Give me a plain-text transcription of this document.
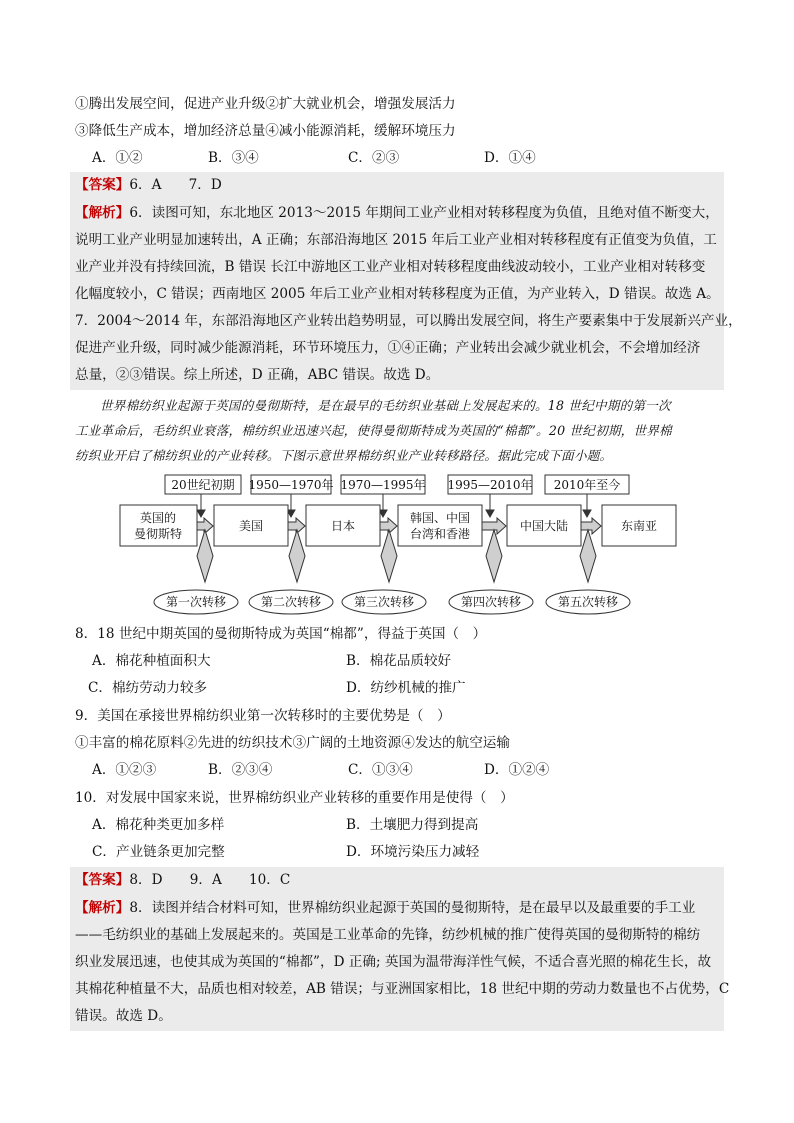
①腾出发展空间，促进产业升级②扩大就业机会，增强发展活力
③降低生产成本，增加经济总量④减小能源消耗，缓解环境压力
A．①②	B．③④	C．②③	D．①④
【答案】6．A　　7．D
【解析】6．读图可知，东北地区 2013～2015 年期间工业产业相对转移程度为负值，且绝对值不断变大，
说明工业产业明显加速转出，A 正确；东部沿海地区 2015 年后工业产业相对转移程度有正值变为负值，工
业产业并没有持续回流，B 错误 长江中游地区工业产业相对转移程度曲线波动较小，工业产业相对转移变
化幅度较小，C 错误；西南地区 2005 年后工业产业相对转移程度为正值，为产业转入，D 错误。故选 A。
7．2004～2014 年，东部沿海地区产业转出趋势明显，可以腾出发展空间，将生产要素集中于发展新兴产业，
促进产业升级，同时减少能源消耗，环节环境压力，①④正确；产业转出会减少就业机会，不会增加经济
总量，②③错误。综上所述，D 正确，ABC 错误。故选 D。
世界棉纺织业起源于英国的曼彻斯特，是在最早的毛纺织业基础上发展起来的。18 世纪中期的第一次
工业革命后，毛纺织业衰落，棉纺织业迅速兴起，使得曼彻斯特成为英国的“棉都”。20 世纪初期，世界棉
纺织业开启了棉纺织业的产业转移。下图示意世界棉纺织业产业转移路径。据此完成下面小题。
20世纪初期 1950—1970年 1970—1995年 1995—2010年 2010年至今
英国的
曼彻斯特
美国	日本
韩国、中国
台湾和香港
中国大陆	东南亚
第一次转移	第二次转移	第三次转移	第四次转移	第五次转移
8．18 世纪中期英国的曼彻斯特成为英国“棉都”，得益于英国（　）
A．棉花种植面积大	B．棉花品质较好
C．棉纺劳动力较多	D．纺纱机械的推广
9．美国在承接世界棉纺织业第一次转移时的主要优势是（　）
①丰富的棉花原料②先进的纺织技术③广阔的土地资源④发达的航空运输
A．①②③	B．②③④	C．①③④	D．①②④
10．对发展中国家来说，世界棉纺织业产业转移的重要作用是使得（　）
A．棉花种类更加多样	B．土壤肥力得到提高
C．产业链条更加完整	D．环境污染压力减轻
【答案】8．D　　9．A　　10．C
【解析】8．读图并结合材料可知，世界棉纺织业起源于英国的曼彻斯特，是在最早以及最重要的手工业
——毛纺织业的基础上发展起来的。英国是工业革命的先锋，纺纱机械的推广使得英国的曼彻斯特的棉纺
织业发展迅速，也使其成为英国的“棉都”，D 正确; 英国为温带海洋性气候，不适合喜光照的棉花生长，故
其棉花种植量不大，品质也相对较差，AB 错误；与亚洲国家相比，18 世纪中期的劳动力数量也不占优势，C
错误。故选 D。
